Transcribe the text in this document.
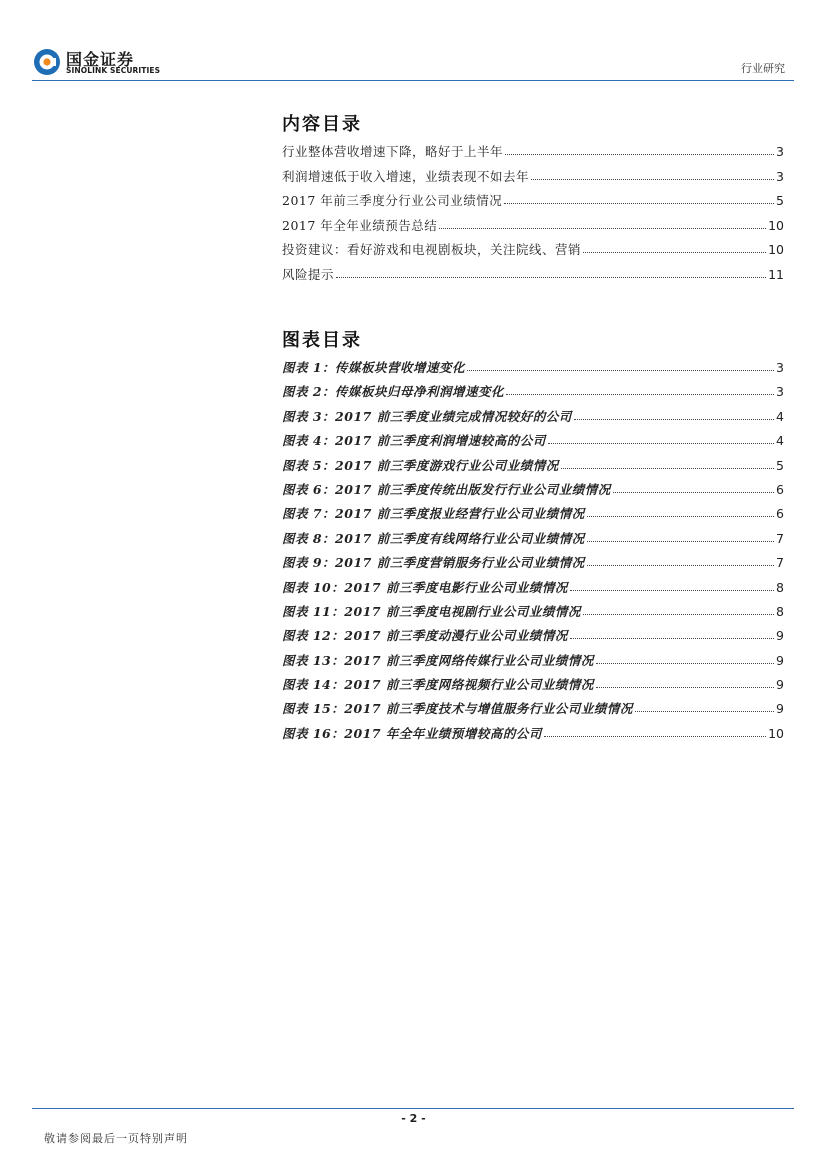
国金证券
SINOLINK SECURITIES	行业研究
内容目录
行业整体营收增速下降，略好于上半年	3
利润增速低于收入增速，业绩表现不如去年	3
2017 年前三季度分行业公司业绩情况	5
2017 年全年业绩预告总结	10
投资建议：看好游戏和电视剧板块，关注院线、营销	10
风险提示	11
图表目录
图表 1：传媒板块营收增速变化	3
图表 2：传媒板块归母净利润增速变化	3
图表 3：2017 前三季度业绩完成情况较好的公司	4
图表 4：2017 前三季度利润增速较高的公司	4
图表 5：2017 前三季度游戏行业公司业绩情况	5
图表 6：2017 前三季度传统出版发行行业公司业绩情况	6
图表 7：2017 前三季度报业经营行业公司业绩情况	6
图表 8：2017 前三季度有线网络行业公司业绩情况	7
图表 9：2017 前三季度营销服务行业公司业绩情况	7
图表 10：2017 前三季度电影行业公司业绩情况	8
图表 11：2017 前三季度电视剧行业公司业绩情况	8
图表 12：2017 前三季度动漫行业公司业绩情况	9
图表 13：2017 前三季度网络传媒行业公司业绩情况	9
图表 14：2017 前三季度网络视频行业公司业绩情况	9
图表 15：2017 前三季度技术与增值服务行业公司业绩情况	9
图表 16：2017 年全年业绩预增较高的公司	10
- 2 -
敬请参阅最后一页特别声明
